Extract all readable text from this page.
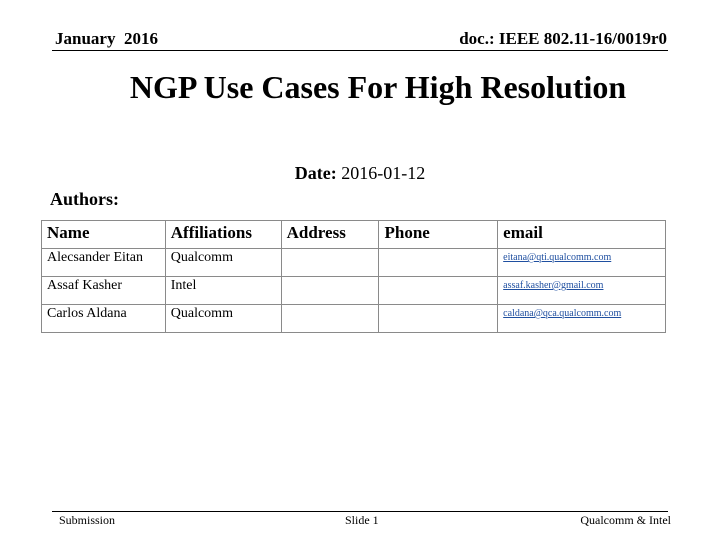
January  2016	doc.: IEEE 802.11-16/0019r0
NGP Use Cases For High Resolution
Date: 2016-01-12
Authors:
Name	Affiliations	Address	Phone	email
Alecsander Eitan	Qualcomm			eitana@qti.qualcomm.com
Assaf Kasher	Intel			assaf.kasher@gmail.com
Carlos Aldana	Qualcomm			caldana@qca.qualcomm.com
Submission	Slide 1	Qualcomm & Intel
